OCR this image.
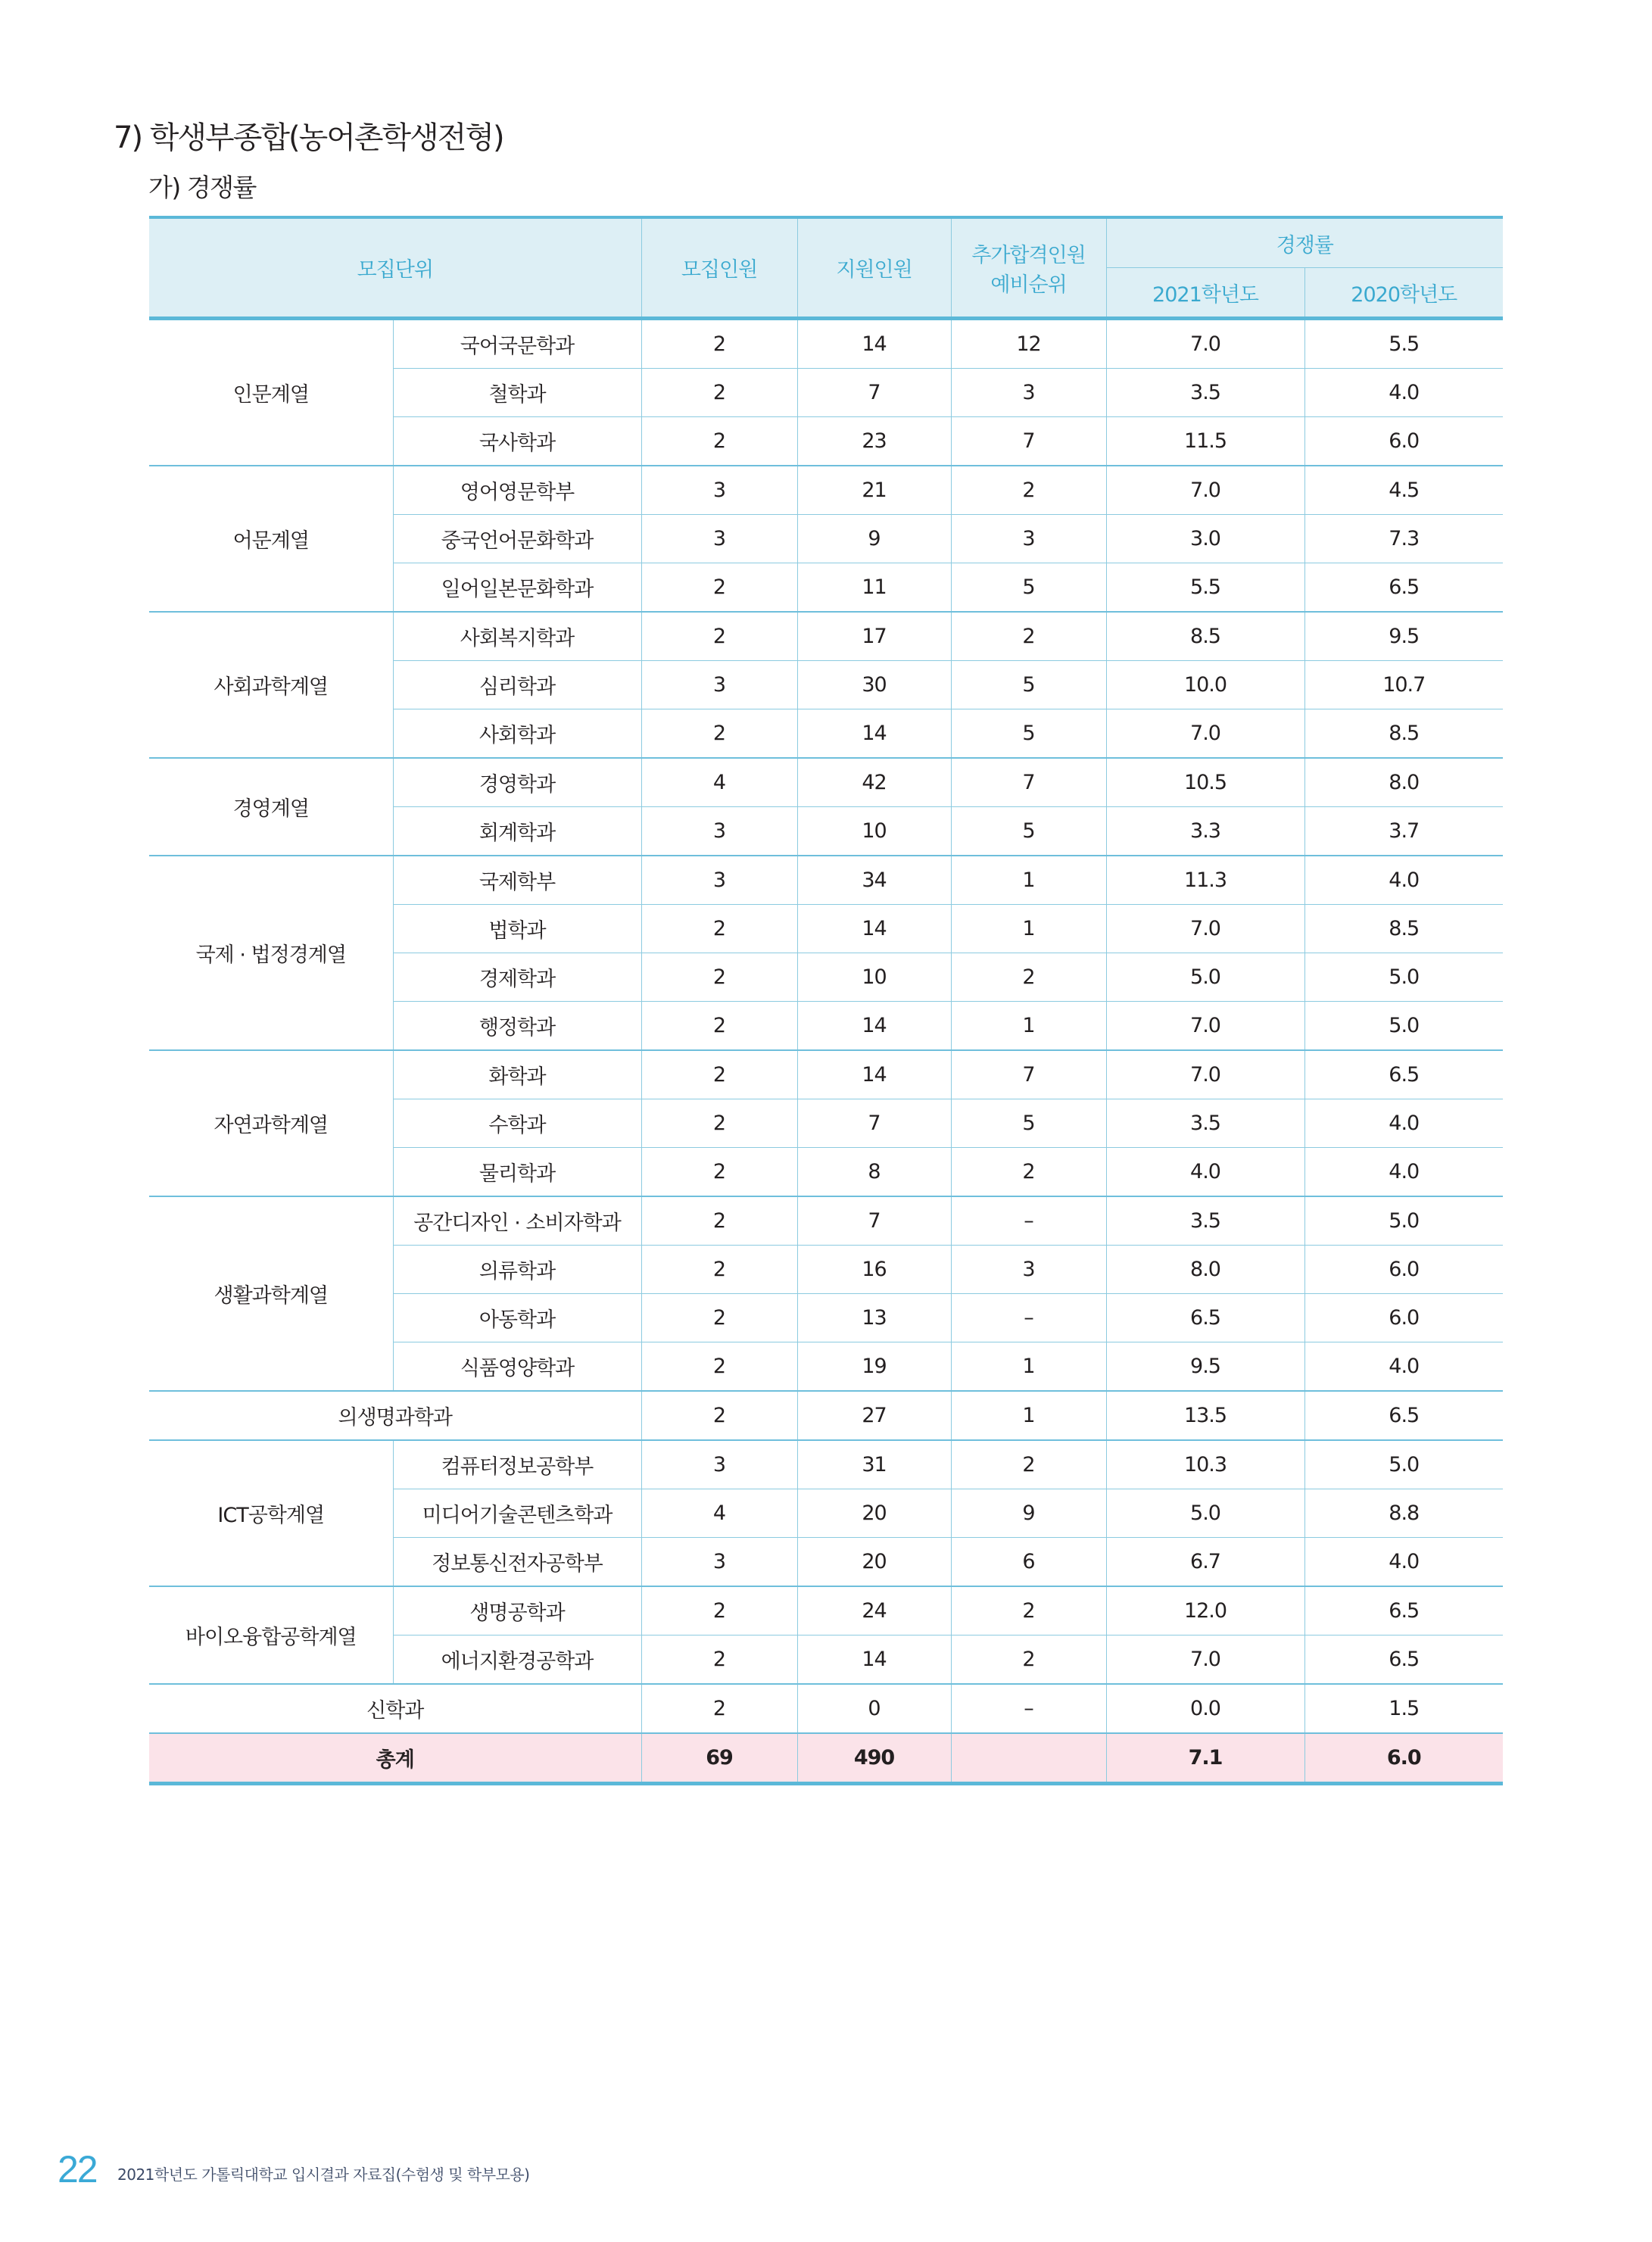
7) 학생부종합(농어촌학생전형)
가) 경쟁률
모집단위		모집인원	지원인원	추가합격인원
예비순위	경쟁률	
					2021학년도	2020학년도
인문계열	국어국문학과	2	14	12	7.0	5.5
	철학과	2	7	3	3.5	4.0
	국사학과	2	23	7	11.5	6.0
어문계열	영어영문학부	3	21	2	7.0	4.5
	중국언어문화학과	3	9	3	3.0	7.3
	일어일본문화학과	2	11	5	5.5	6.5
사회과학계열	사회복지학과	2	17	2	8.5	9.5
	심리학과	3	30	5	10.0	10.7
	사회학과	2	14	5	7.0	8.5
경영계열	경영학과	4	42	7	10.5	8.0
	회계학과	3	10	5	3.3	3.7
국제 · 법정경계열	국제학부	3	34	1	11.3	4.0
	법학과	2	14	1	7.0	8.5
	경제학과	2	10	2	5.0	5.0
	행정학과	2	14	1	7.0	5.0
자연과학계열	화학과	2	14	7	7.0	6.5
	수학과	2	7	5	3.5	4.0
	물리학과	2	8	2	4.0	4.0
생활과학계열	공간디자인 · 소비자학과	2	7	–	3.5	5.0
	의류학과	2	16	3	8.0	6.0
	아동학과	2	13	–	6.5	6.0
	식품영양학과	2	19	1	9.5	4.0
의생명과학과		2	27	1	13.5	6.5
ICT공학계열	컴퓨터정보공학부	3	31	2	10.3	5.0
	미디어기술콘텐츠학과	4	20	9	5.0	8.8
	정보통신전자공학부	3	20	6	6.7	4.0
바이오융합공학계열	생명공학과	2	24	2	12.0	6.5
	에너지환경공학과	2	14	2	7.0	6.5
신학과		2	0	–	0.0	1.5
총계		69	490		7.1	6.0
22 2021학년도 가톨릭대학교 입시결과 자료집(수험생 및 학부모용)
